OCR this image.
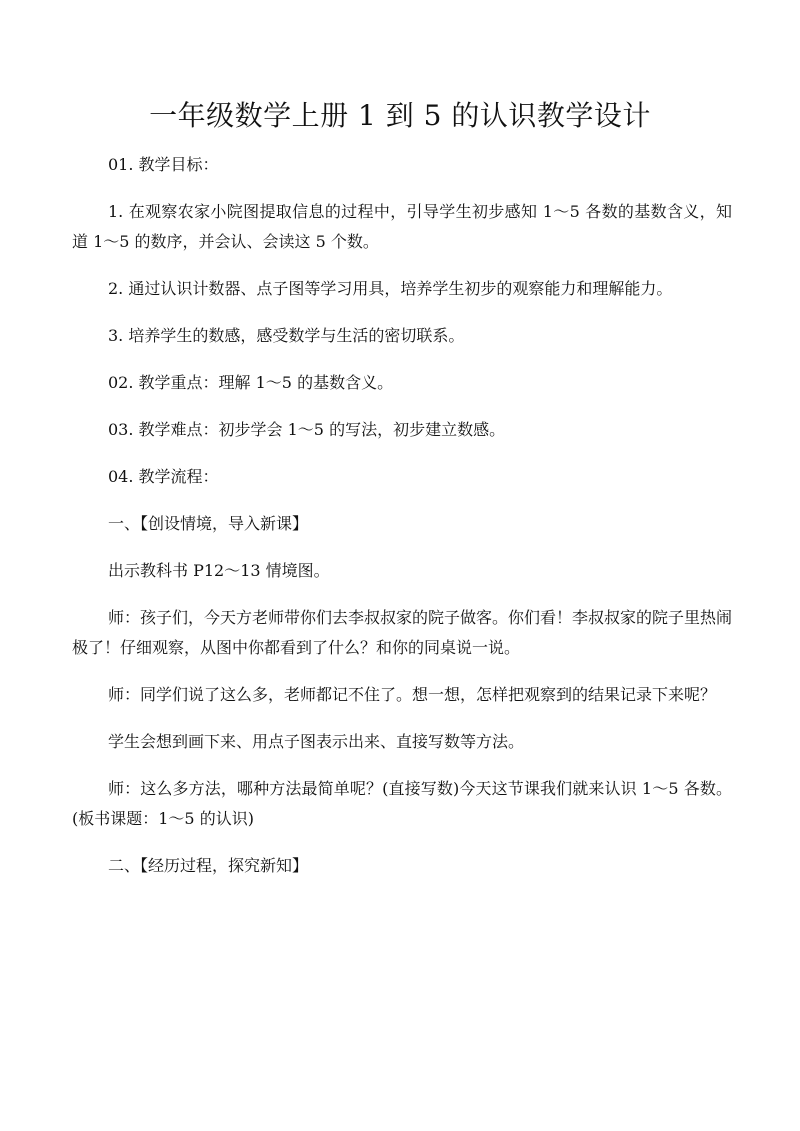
一年级数学上册 1 到 5 的认识教学设计

01. 教学目标：

1. 在观察农家小院图提取信息的过程中，引导学生初步感知 1～5 各数的基数含义，知道 1～5 的数序，并会认、会读这 5 个数。

2. 通过认识计数器、点子图等学习用具，培养学生初步的观察能力和理解能力。

3. 培养学生的数感，感受数学与生活的密切联系。

02. 教学重点：理解 1～5 的基数含义。

03. 教学难点：初步学会 1～5 的写法，初步建立数感。

04. 教学流程：

一、【创设情境，导入新课】

出示教科书 P12～13 情境图。

师：孩子们，今天方老师带你们去李叔叔家的院子做客。你们看！李叔叔家的院子里热闹极了！仔细观察，从图中你都看到了什么？和你的同桌说一说。

师：同学们说了这么多，老师都记不住了。想一想，怎样把观察到的结果记录下来呢？

学生会想到画下来、用点子图表示出来、直接写数等方法。

师：这么多方法，哪种方法最简单呢？(直接写数)今天这节课我们就来认识 1～5 各数。(板书课题：1～5 的认识)

二、【经历过程，探究新知】
